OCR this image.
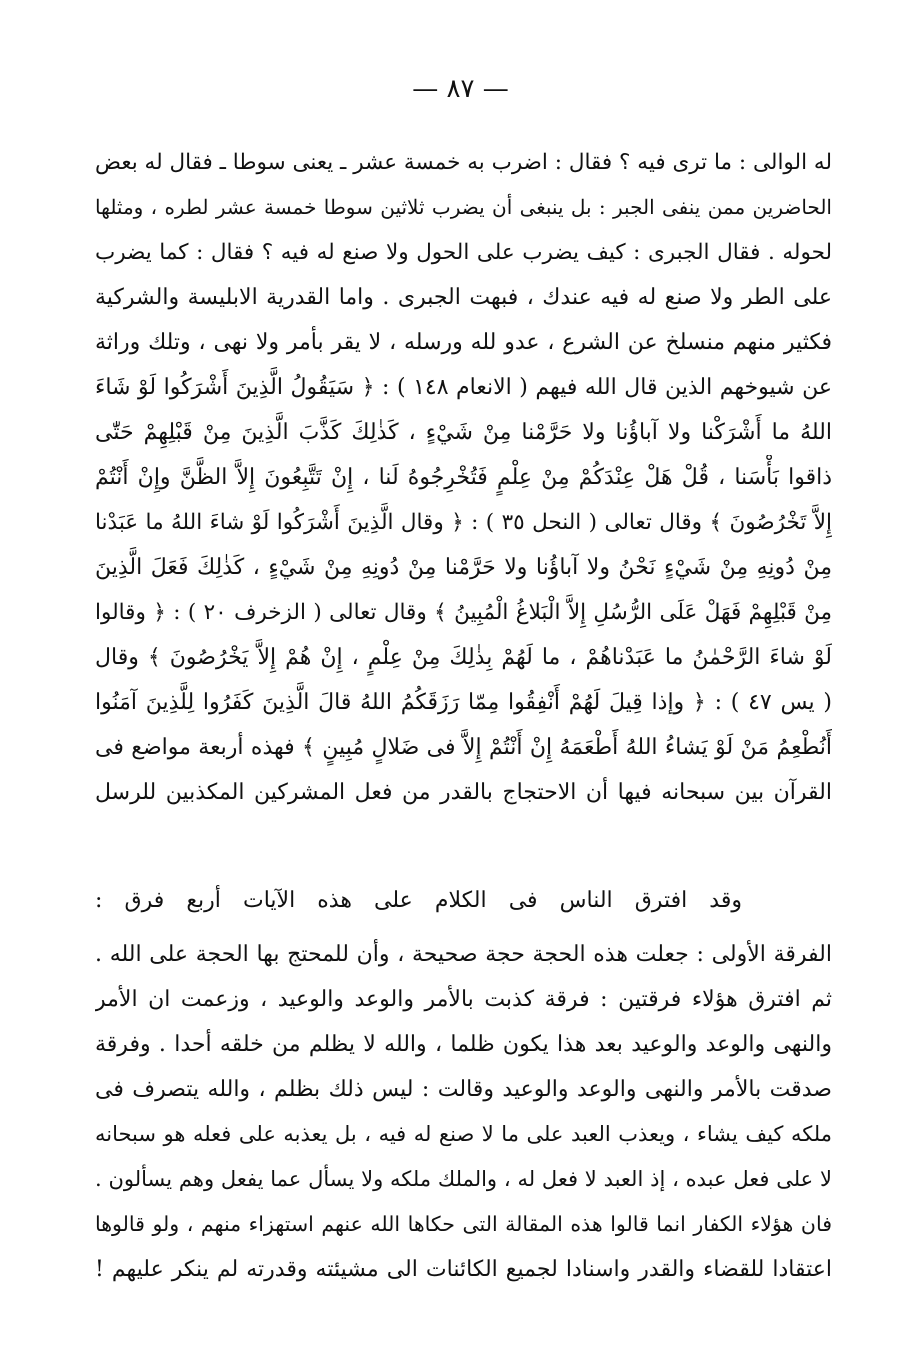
— ٨٧ —
له الوالى : ما ترى فيه ؟ فقال : اضرب به خمسة عشر ـ يعنى سوطا ـ فقال له بعض
الحاضرين ممن ينفى الجبر : بل ينبغى أن يضرب ثلاثين سوطا خمسة عشر لطره ، ومثلها
لحوله . فقال الجبرى : كيف يضرب على الحول ولا صنع له فيه ؟ فقال : كما يضرب
على الطر ولا صنع له فيه عندك ، فبهت الجبرى . واما القدرية الابليسة والشركية
فكثير منهم منسلخ عن الشرع ، عدو لله ورسله ، لا يقر بأمر ولا نهى ، وتلك وراثة
عن شيوخهم الذين قال الله فيهم ( الانعام ١٤٨ ) : ﴿ سَيَقُولُ الَّذِينَ أَشْرَكُوا لَوْ شَاءَ
اللهُ ما أَشْرَكْنا ولا آباؤُنا ولا حَرَّمْنا مِنْ شَيْءٍ ، كَذٰلِكَ كَذَّبَ الَّذِينَ مِنْ قَبْلِهِمْ حَتّٰى
ذاقوا بَأْسَنا ، قُلْ هَلْ عِنْدَكُمْ مِنْ عِلْمٍ فَتُخْرِجُوهُ لَنا ، إِنْ تَتَّبِعُونَ إِلاَّ الظَّنَّ وإِنْ أَنْتُمْ
إِلاَّ تَخْرُصُونَ ﴾ وقال تعالى ( النحل ٣٥ ) : ﴿ وقال الَّذِينَ أَشْرَكُوا لَوْ شاءَ اللهُ ما عَبَدْنا
مِنْ دُونِهِ مِنْ شَيْءٍ نَحْنُ ولا آباؤُنا ولا حَرَّمْنا مِنْ دُونِهِ مِنْ شَيْءٍ ، كَذٰلِكَ فَعَلَ الَّذِينَ
مِنْ قَبْلِهِمْ فَهَلْ عَلَى الرُّسُلِ إِلاَّ الْبَلاغُ الْمُبِينُ ﴾ وقال تعالى ( الزخرف ٢٠ ) : ﴿ وقالوا
لَوْ شاءَ الرَّحْمٰنُ ما عَبَدْناهُمْ ، ما لَهُمْ بِذٰلِكَ مِنْ عِلْمٍ ، إِنْ هُمْ إِلاَّ يَخْرُصُونَ ﴾ وقال
( يس ٤٧ ) : ﴿ وإذا قِيلَ لَهُمْ أَنْفِقُوا مِمّا رَزَقَكُمُ اللهُ قالَ الَّذِينَ كَفَرُوا لِلَّذِينَ آمَنُوا
أَنُطْعِمُ مَنْ لَوْ يَشاءُ اللهُ أَطْعَمَهُ إِنْ أَنْتُمْ إِلاَّ فى ضَلالٍ مُبِينٍ ﴾ فهذه أربعة مواضع فى
القرآن بين سبحانه فيها أن الاحتجاج بالقدر من فعل المشركين المكذبين للرسل
وقد افترق الناس فى الكلام على هذه الآيات أربع فرق :
الفرقة الأولى : جعلت هذه الحجة حجة صحيحة ، وأن للمحتج بها الحجة على الله .
ثم افترق هؤلاء فرقتين : فرقة كذبت بالأمر والوعد والوعيد ، وزعمت ان الأمر
والنهى والوعد والوعيد بعد هذا يكون ظلما ، والله لا يظلم من خلقه أحدا . وفرقة
صدقت بالأمر والنهى والوعد والوعيد وقالت : ليس ذلك بظلم ، والله يتصرف فى
ملكه كيف يشاء ، ويعذب العبد على ما لا صنع له فيه ، بل يعذبه على فعله هو سبحانه
لا على فعل عبده ، إذ العبد لا فعل له ، والملك ملكه ولا يسأل عما يفعل وهم يسألون .
فان هؤلاء الكفار انما قالوا هذه المقالة التى حكاها الله عنهم استهزاء منهم ، ولو قالوها
اعتقادا للقضاء والقدر واسنادا لجميع الكائنات الى مشيئته وقدرته لم ينكر عليهم !
